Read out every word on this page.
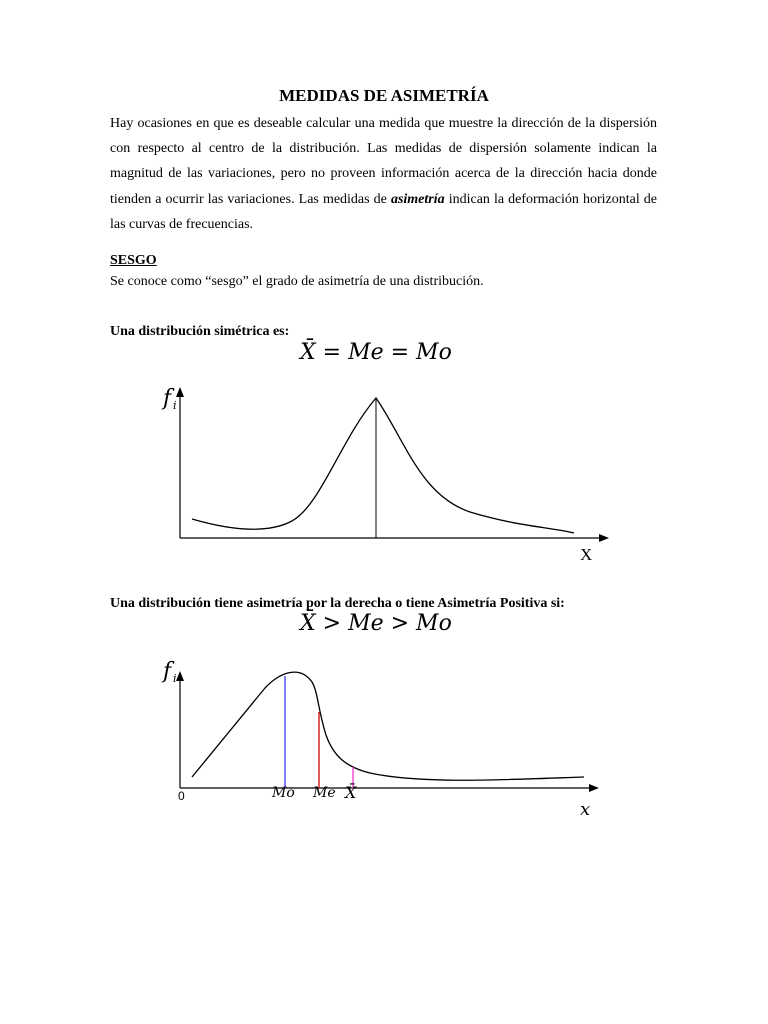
MEDIDAS DE ASIMETRÍA

Hay ocasiones en que es deseable calcular una medida que muestre la dirección de la dispersión con respecto al centro de la distribución. Las medidas de dispersión solamente indican la magnitud de las variaciones, pero no proveen información acerca de la dirección hacia donde tienden a ocurrir las variaciones. Las medidas de asimetría indican la deformación horizontal de las curvas de frecuencias.

SESGO
Se conoce como “sesgo” el grado de asimetría de una distribución.
Una distribución simétrica es:
X̄ = Me = Mo
f i
X
Una distribución tiene asimetría por la derecha o tiene Asimetría Positiva si:
X̄ > Me > Mo
f i
0	Mo Me X̄
x
